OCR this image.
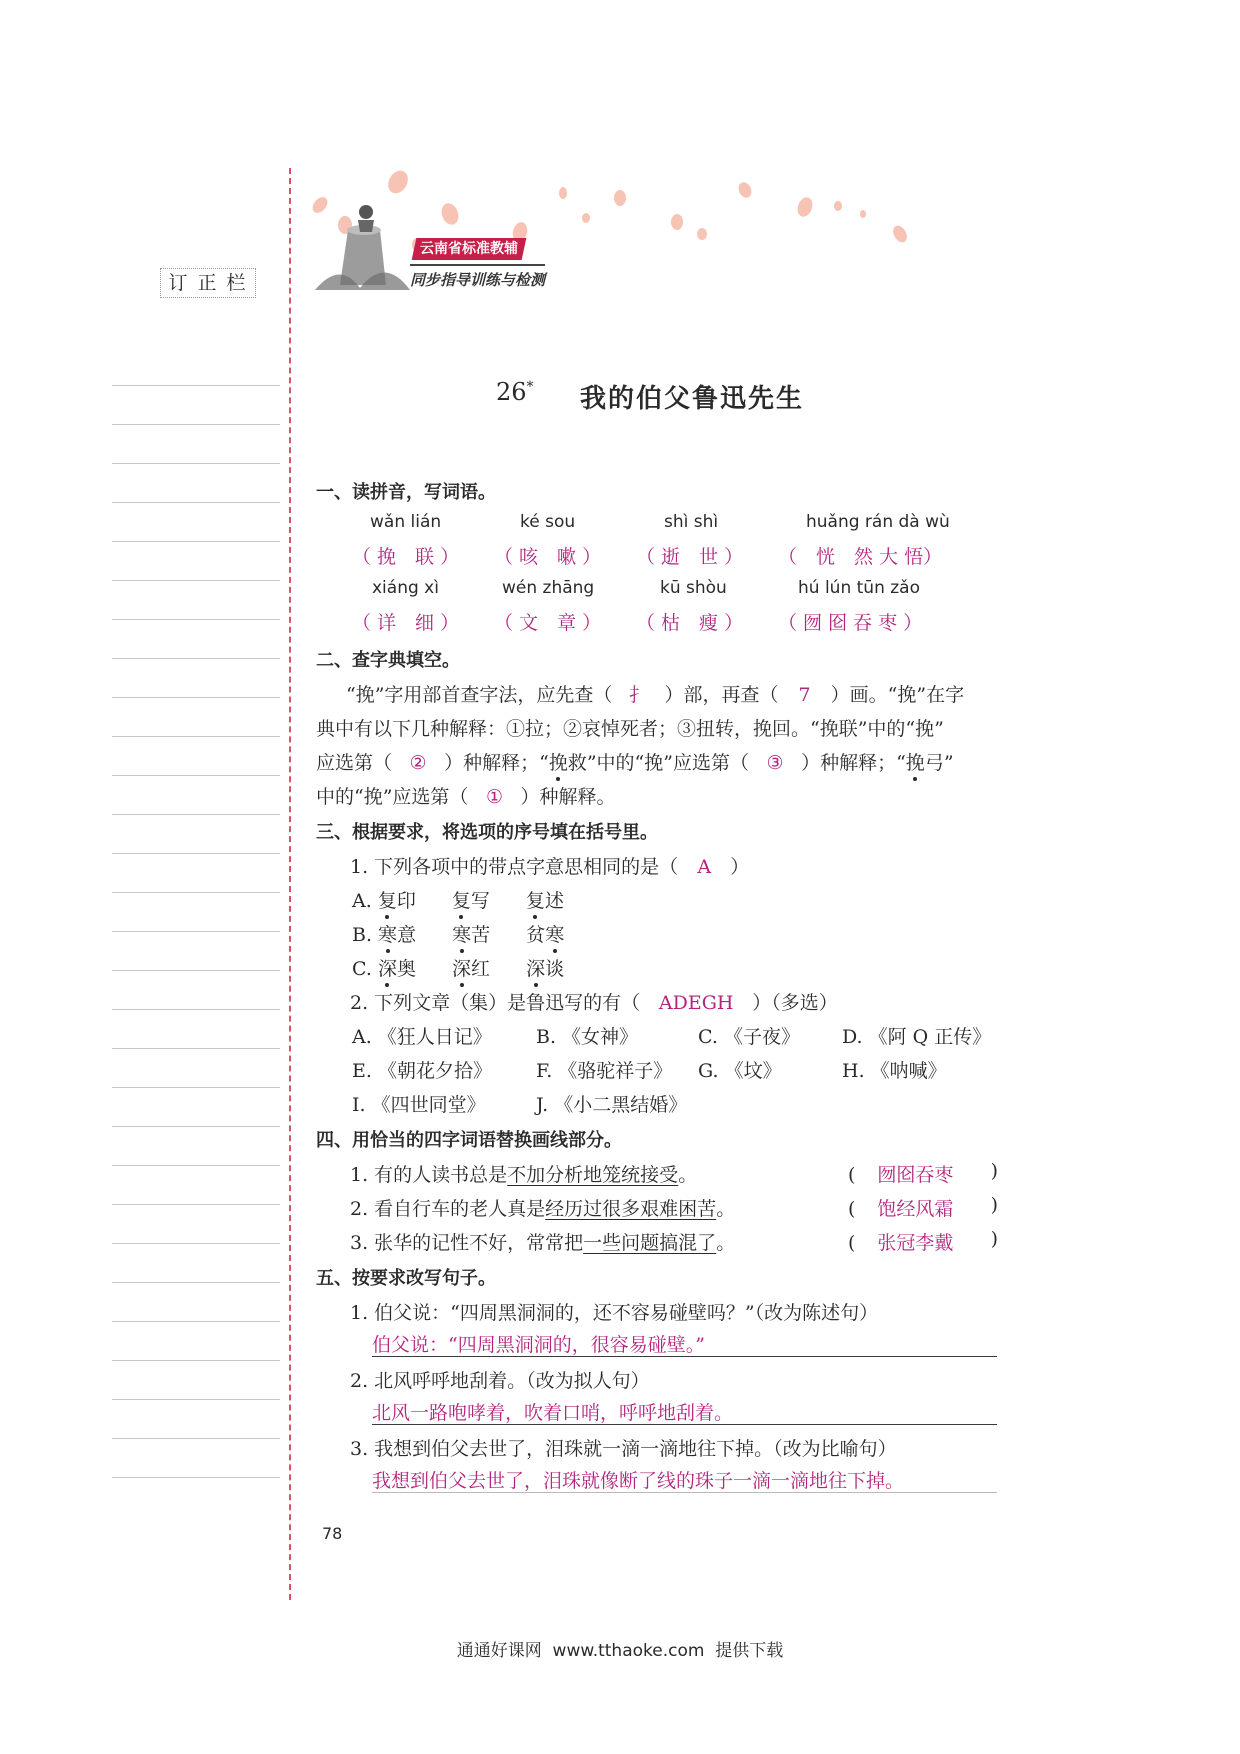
订 正 栏
云南省标准教辅
同步指导训练与检测
26* 我的伯父鲁迅先生
一、读拼音，写词语。
wǎn lián	ké sou	shì shì	huǎng rán dà wù
（ 挽　联 ） （ 咳　嗽 ） （ 逝　世 ） （　恍　然 大 悟）
xiáng xì	wén zhāng	kū shòu	hú lún tūn zǎo
（ 详　细 ） （ 文　章 ） （ 枯　瘦 ） （ 囫 囵 吞 枣 ）
二、查字典填空。
“挽”字用部首查字法，应先查（ 扌 ）部，再查（ 7 ）画。“挽”在字
典中有以下几种解释：①拉；②哀悼死者；③扭转，挽回。“挽联”中的“挽”
应选第（ ② ）种解释；“挽救”中的“挽”应选第（ ③ ）种解释；“挽弓”
中的“挽”应选第（ ① ）种解释。
三、根据要求，将选项的序号填在括号里。
1. 下列各项中的带点字意思相同的是（ A ）
A. 复印 复写 复述
B. 寒意 寒苦 贫寒
C. 深奥 深红 深谈
2. 下列文章（集）是鲁迅写的有（ ADEGH ）（多选）
A. 《狂人日记》 B. 《女神》	C. 《子夜》 D. 《阿 Q 正传》
E. 《朝花夕拾》 F. 《骆驼祥子》 G. 《坟》	H. 《呐喊》
I. 《四世同堂》	J. 《小二黑结婚》
四、用恰当的四字词语替换画线部分。
1. 有的人读书总是不加分析地笼统接受。	( 囫囵吞枣 )
2. 看自行车的老人真是经历过很多艰难困苦。	( 饱经风霜 )
3. 张华的记性不好，常常把一些问题搞混了。	( 张冠李戴 )
五、按要求改写句子。
1. 伯父说：“四周黑洞洞的，还不容易碰壁吗？”（改为陈述句）
伯父说：“四周黑洞洞的，很容易碰壁。”
2. 北风呼呼地刮着。（改为拟人句）
北风一路咆哮着，吹着口哨，呼呼地刮着。
3. 我想到伯父去世了，泪珠就一滴一滴地往下掉。（改为比喻句）
我想到伯父去世了，泪珠就像断了线的珠子一滴一滴地往下掉。
78
通通好课网  www.tthaoke.com  提供下载
